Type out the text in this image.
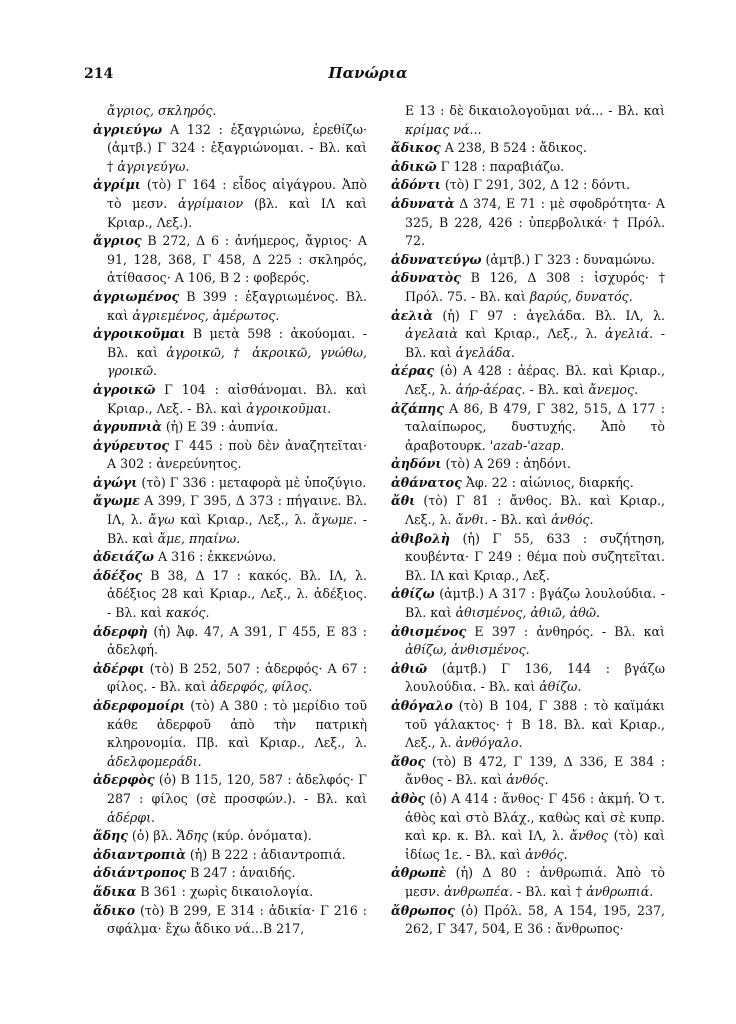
214	Πανώρια
ἄγριος, σκληρός.
ἀγριεύγω Α 132 : ἐξαγριώνω, ἐρεθίζω· (ἀμτβ.) Γ 324 : ἐξαγριώνομαι. - Βλ. καὶ † ἀγριγεύγω.
ἀγρίμι (τὸ) Γ 164 : εἶδος αἰγάγρου. Ἀπὸ τὸ μεσν. ἀγρίμαιον (βλ. καὶ ΙΛ καὶ Κριαρ., Λεξ.).
ἄγριος Β 272, Δ 6 : ἀνήμερος, ἄγριος· Α 91, 128, 368, Γ 458, Δ 225 : σκληρός, ἀτίθασος· Α 106, Β 2 : φοβερός.
ἀγριωμένος Β 399 : ἐξαγριωμένος. Βλ. καὶ ἀγριεμένος, ἀμέρωτος.
ἀγροικοῦμαι Β μετὰ 598 : ἀκούομαι. - Βλ. καὶ ἀγροικῶ, † ἀκροικῶ, γνώθω, γροικῶ.
ἀγροικῶ Γ 104 : αἰσθάνομαι. Βλ. καὶ Κριαρ., Λεξ. - Βλ. καὶ ἀγροικοῦμαι.
ἀγρυπνιὰ (ἡ) Ε 39 : ἀυπνία.
ἀγύρευτος Γ 445 : ποὺ δὲν ἀναζητεῖται· Α 302 : ἀνερεύνητος.
ἀγώγι (τὸ) Γ 336 : μεταφορὰ μὲ ὑποζύγιο.
ἄγωμε Α 399, Γ 395, Δ 373 : πήγαινε. Βλ. ΙΛ, λ. ἄγω καὶ Κριαρ., Λεξ., λ. ἄγωμε. - Βλ. καὶ ἄμε, πηαίνω.
ἀδειάζω Α 316 : ἐκκενώνω.
ἀδέξος Β 38, Δ 17 : κακός. Βλ. ΙΛ, λ. ἀδέξιος 28 καὶ Κριαρ., Λεξ., λ. ἀδέξιος. - Βλ. καὶ κακός.
ἀδερφὴ (ἡ) Ἀφ. 47, Α 391, Γ 455, Ε 83 : ἀδελφή.
ἀδέρφι (τὸ) Β 252, 507 : ἀδερφός· Α 67 : φίλος. - Βλ. καὶ ἀδερφός, φίλος.
ἀδερφομοίρι (τὸ) Α 380 : τὸ μερίδιο τοῦ κάθε ἀδερφοῦ ἀπὸ τὴν πατρικὴ κληρονομία. Πβ. καὶ Κριαρ., Λεξ., λ. ἀδελφομεράδι.
ἀδερφὸς (ὁ) Β 115, 120, 587 : ἀδελφός· Γ 287 : φίλος (σὲ προσφών.). - Βλ. καὶ ἀδέρφι.
ἄδης (ὁ) βλ. Ἄδης (κύρ. ὀνόματα).
ἀδιαντροπιὰ (ἡ) Β 222 : ἀδιαντροπιά.
ἀδιάντροπος Β 247 : ἀναιδής.
ἄδικα Β 361 : χωρὶς δικαιολογία.
ἄδικο (τὸ) Β 299, Ε 314 : ἀδικία· Γ 216 : σφάλμα· ἔχω ἄδικο νά...Β 217,
Ε 13 : δὲ δικαιολογοῦμαι νά... - Βλ. καὶ κρίμας νά...
ἄδικος Α 238, Β 524 : ἄδικος.
ἀδικῶ Γ 128 : παραβιάζω.
ἀδόντι (τὸ) Γ 291, 302, Δ 12 : δόντι.
ἀδυνατὰ Δ 374, Ε 71 : μὲ σφοδρότητα· Α 325, Β 228, 426 : ὑπερβολικά· † Πρόλ. 72.
ἀδυνατεύγω (ἀμτβ.) Γ 323 : δυναμώνω.
ἀδυνατὸς Β 126, Δ 308 : ἰσχυρός· † Πρόλ. 75. - Βλ. καὶ βαρύς, δυνατός.
ἀελιὰ (ἡ) Γ 97 : ἀγελάδα. Βλ. ΙΛ, λ. ἀγελαιὰ καὶ Κριαρ., Λεξ., λ. ἀγελιά. - Βλ. καὶ ἀγελάδα.
ἀέρας (ὁ) Α 428 : ἀέρας. Βλ. καὶ Κριαρ., Λεξ., λ. ἀήρ-ἀέρας. - Βλ. καὶ ἄνεμος.
ἀζάπης Α 86, Β 479, Γ 382, 515, Δ 177 : ταλαίπωρος, δυστυχής. Ἀπὸ τὸ ἀραβοτουρκ. 'azab-'azap.
ἀηδόνι (τὸ) Α 269 : ἀηδόνι.
ἀθάνατος Ἀφ. 22 : αἰώνιος, διαρκής.
ἄθι (τὸ) Γ 81 : ἄνθος. Βλ. καὶ Κριαρ., Λεξ., λ. ἄνθι. - Βλ. καὶ ἀνθός.
ἀθιβολὴ (ἡ) Γ 55, 633 : συζήτηση, κουβέντα· Γ 249 : θέμα ποὺ συζητεῖται. Βλ. ΙΛ καὶ Κριαρ., Λεξ.
ἀθίζω (ἀμτβ.) Α 317 : βγάζω λουλούδια. - Βλ. καὶ ἀθισμένος, ἀθιῶ, ἀθῶ.
ἀθισμένος Ε 397 : ἀνθηρός. - Βλ. καὶ ἀθίζω, ἀνθισμένος.
ἀθιῶ (ἀμτβ.) Γ 136, 144 : βγάζω λουλούδια. - Βλ. καὶ ἀθίζω.
ἀθόγαλο (τὸ) Β 104, Γ 388 : τὸ καϊμάκι τοῦ γάλακτος· † Β 18. Βλ. καὶ Κριαρ., Λεξ., λ. ἀνθόγαλο.
ἄθος (τὸ) Β 472, Γ 139, Δ 336, Ε 384 : ἄνθος - Βλ. καὶ ἀνθός.
ἀθὸς (ὁ) Α 414 : ἄνθος· Γ 456 : ἀκμή. Ὁ τ. ἀθὸς καὶ στὸ Βλάχ., καθὼς καὶ σὲ κυπρ. καὶ κρ. κ. Βλ. καὶ ΙΛ, λ. ἄνθος (τὸ) καὶ ἰδίως 1ε. - Βλ. καὶ ἀνθός.
ἀθρωπὲ (ἡ) Δ 80 : ἀνθρωπιά. Ἀπὸ τὸ μεσν. ἀνθρωπέα. - Βλ. καὶ † ἀνθρωπιά.
ἄθρωπος (ὁ) Πρόλ. 58, Α 154, 195, 237, 262, Γ 347, 504, Ε 36 : ἄνθρωπος·
